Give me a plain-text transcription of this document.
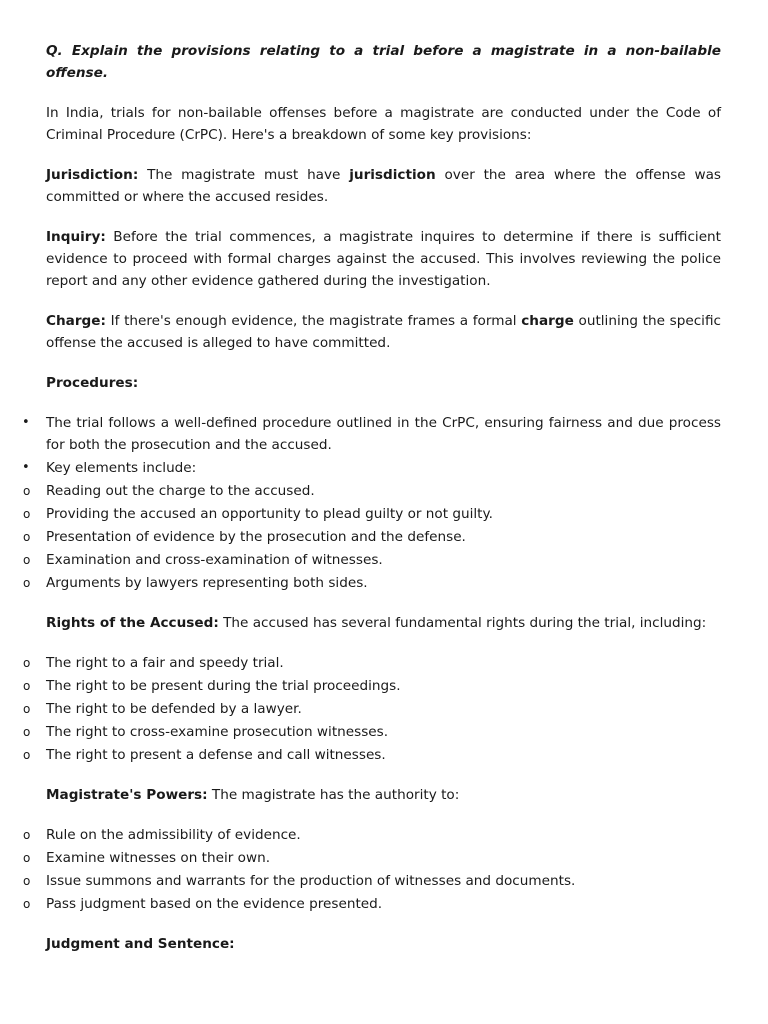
Q. Explain the provisions relating to a trial before a magistrate in a non-bailable offense.

In India, trials for non-bailable offenses before a magistrate are conducted under the Code of Criminal Procedure (CrPC). Here's a breakdown of some key provisions:

Jurisdiction: The magistrate must have jurisdiction over the area where the offense was committed or where the accused resides.

Inquiry: Before the trial commences, a magistrate inquires to determine if there is sufficient evidence to proceed with formal charges against the accused. This involves reviewing the police report and any other evidence gathered during the investigation.

Charge: If there's enough evidence, the magistrate frames a formal charge outlining the specific offense the accused is alleged to have committed.

Procedures:

• The trial follows a well-defined procedure outlined in the CrPC, ensuring fairness and due process for both the prosecution and the accused.
• Key elements include:
o Reading out the charge to the accused.
o Providing the accused an opportunity to plead guilty or not guilty.
o Presentation of evidence by the prosecution and the defense.
o Examination and cross-examination of witnesses.
o Arguments by lawyers representing both sides.

Rights of the Accused: The accused has several fundamental rights during the trial, including:

o The right to a fair and speedy trial.
o The right to be present during the trial proceedings.
o The right to be defended by a lawyer.
o The right to cross-examine prosecution witnesses.
o The right to present a defense and call witnesses.

Magistrate's Powers: The magistrate has the authority to:

o Rule on the admissibility of evidence.
o Examine witnesses on their own.
o Issue summons and warrants for the production of witnesses and documents.
o Pass judgment based on the evidence presented.

Judgment and Sentence:
